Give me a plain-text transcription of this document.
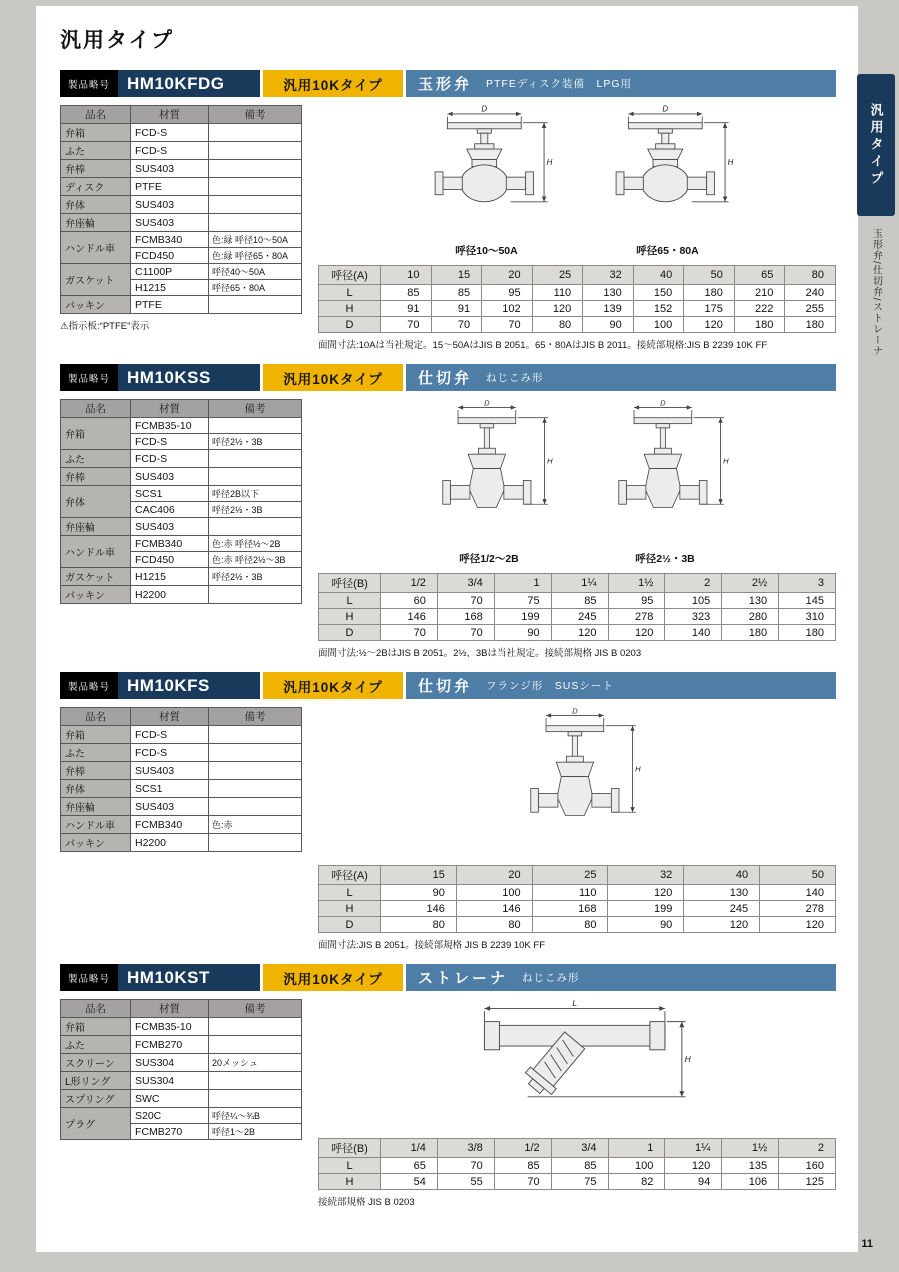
汎用タイプ
製品略号	HM10KFDG	汎用10Kタイプ	玉形弁 PTFEディスク装備　LPG用
品名	材質	備考
弁箱	FCD-S	
ふた	FCD-S	
弁棒	SUS403	
ディスク	PTFE	
弁体	SUS403	
弁座輪	SUS403	
ハンドル車	FCMB340	色:緑 呼径10〜50A
	FCD450	色:緑 呼径65・80A
ガスケット	C1100P	呼径40〜50A
	H1215	呼径65・80A
パッキン	PTFE	

⚠指示板:“PTFE”表示

D
H
呼径10〜50A
D
H
呼径65・80A
呼径(A)	10	15	20	25	32	40	50	65	80
L	85	85	95	110	130	150	180	210	240
H	91	91	102	120	139	152	175	222	255
D	70	70	70	80	90	100	120	180	180

面間寸法:10Aは当社規定。15〜50AはJIS B 2051。65・80AはJIS B 2011。接続部規格:JIS B 2239 10K FF

製品略号	HM10KSS	汎用10Kタイプ	仕切弁 ねじこみ形
品名	材質	備考
弁箱	FCMB35-10	
	FCD-S	呼径2½・3B
ふた	FCD-S	
弁棒	SUS403	
弁体	SCS1	呼径2B以下
	CAC406	呼径2½・3B
弁座輪	SUS403	
ハンドル車	FCMB340	色:赤 呼径½〜2B
	FCD450	色:赤 呼径2½〜3B
ガスケット	H1215	呼径2½・3B
パッキン	H2200	
D
H
呼径1/2〜2B
D
H
呼径2½・3B
呼径(B)	1/2	3/4	1	1¼	1½	2	2½	3
L	60	70	75	85	95	105	130	145
H	146	168	199	245	278	323	280	310
D	70	70	90	120	120	140	180	180

面間寸法:½〜2BはJIS B 2051。2½、3Bは当社規定。接続部規格 JIS B 0203

製品略号	HM10KFS	汎用10Kタイプ	仕切弁 フランジ形　SUSシート
品名	材質	備考
弁箱	FCD-S	
ふた	FCD-S	
弁棒	SUS403	
弁体	SCS1	
弁座輪	SUS403	
ハンドル車	FCMB340	色:赤
パッキン	H2200	
D
H
呼径(A)	15	20	25	32	40	50
L	90	100	110	120	130	140
H	146	146	168	199	245	278
D	80	80	80	90	120	120

面間寸法:JIS B 2051。接続部規格 JIS B 2239 10K FF

製品略号	HM10KST	汎用10Kタイプ	ストレーナ ねじこみ形
品名	材質	備考
弁箱	FCMB35-10	
ふた	FCMB270	
スクリーン	SUS304	20メッシュ
L形リング	SUS304	
スプリング	SWC	
プラグ	S20C	呼径¼〜¾B
	FCMB270	呼径1〜2B
L
H
呼径(B)	1/4	3/8	1/2	3/4	1	1¼	1½	2
L	65	70	85	85	100	120	135	160
H	54	55	70	75	82	94	106	125

接続部規格 JIS B 0203

汎用タイプ
玉形弁/仕切弁/ストレーナ
11
